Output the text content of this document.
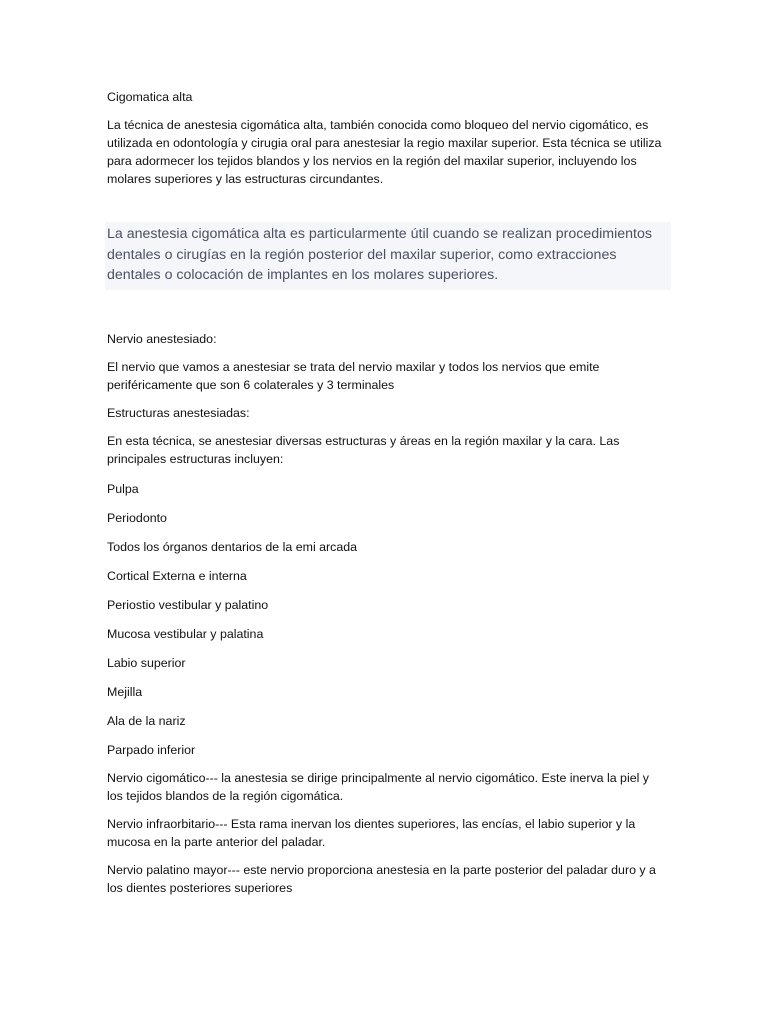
Cigomatica alta

La técnica de anestesia cigomática alta, también conocida como bloqueo del nervio cigomático, es utilizada en odontología y cirugia oral para anestesiar la regio maxilar superior. Esta técnica se utiliza para adormecer los tejidos blandos y los nervios en la región del maxilar superior, incluyendo los molares superiores y las estructuras circundantes.

La anestesia cigomática alta es particularmente útil cuando se realizan procedimientos dentales o cirugías en la región posterior del maxilar superior, como extracciones dentales o colocación de implantes en los molares superiores.

Nervio anestesiado:

El nervio que vamos a anestesiar se trata del nervio maxilar y todos los nervios que emite periféricamente que son 6 colaterales y 3 terminales

Estructuras anestesiadas:

En esta técnica, se anestesiar diversas estructuras y áreas en la región maxilar y la cara. Las principales estructuras incluyen:

Pulpa

Periodonto

Todos los órganos dentarios de la emi arcada

Cortical Externa e interna

Periostio vestibular y palatino

Mucosa vestibular y palatina

Labio superior

Mejilla

Ala de la nariz

Parpado inferior

Nervio cigomático--- la anestesia se dirige principalmente al nervio cigomático. Este inerva la piel y los tejidos blandos de la región cigomática.

Nervio infraorbitario--- Esta rama inervan los dientes superiores, las encías, el labio superior y la mucosa en la parte anterior del paladar.

Nervio palatino mayor--- este nervio proporciona anestesia en la parte posterior del paladar duro y a los dientes posteriores superiores
